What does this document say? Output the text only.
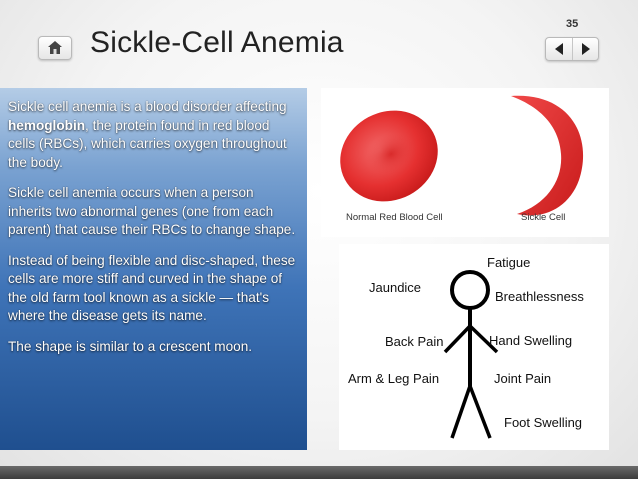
35
Sickle-Cell Anemia

Sickle cell anemia is a blood disorder affecting hemoglobin, the protein found in red blood cells (RBCs), which carries oxygen throughout the body.

Sickle cell anemia occurs when a person inherits two abnormal genes (one from each parent) that cause their RBCs to change shape.

Instead of being flexible and disc-shaped, these cells are more stiff and curved in the shape of the old farm tool known as a sickle — that's where the disease gets its name.

The shape is similar to a crescent moon.

Normal Red Blood Cell	Sickle Cell
Fatigue
Jaundice
Breathlessness
Back Pain	Hand Swelling
Arm & Leg Pain	Joint Pain
Foot Swelling
